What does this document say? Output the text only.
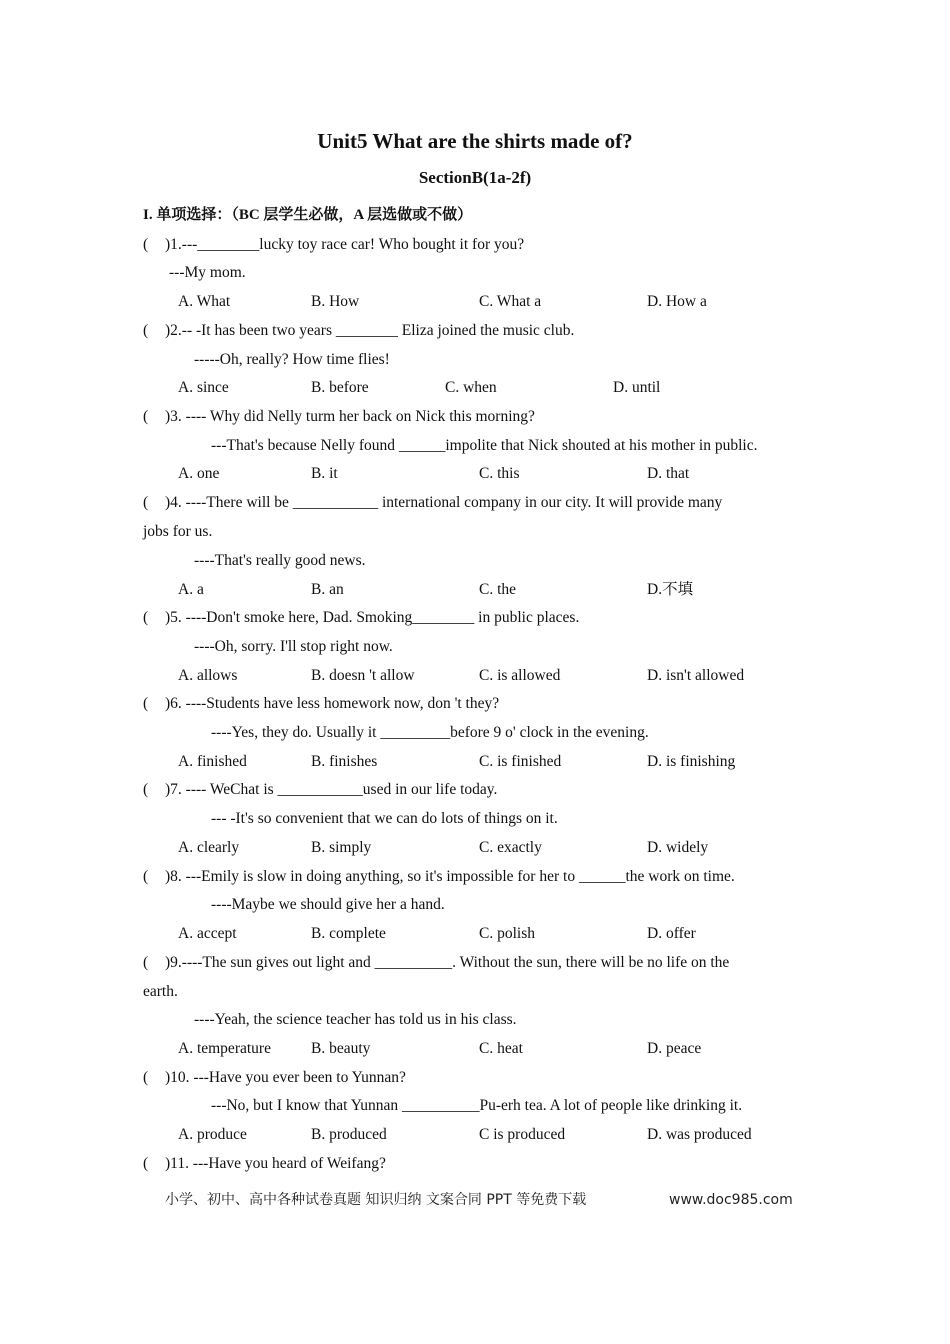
Unit5 What are the shirts made of?
SectionB(1a-2f)
I. 单项选择：（BC 层学生必做，A 层选做或不做）
( )1.---________lucky toy race car! Who bought it for you?
---My mom.
A. What	B. How	C. What a	D. How a
( )2.-- -It has been two years ________ Eliza joined the music club.
-----Oh, really? How time flies!
A. since	B. before	C. when	D. until
( )3. ---- Why did Nelly turm her back on Nick this morning?
---That's because Nelly found ______impolite that Nick shouted at his mother in public.
A. one	B. it	C. this	D. that
( )4. ----There will be ___________ international company in our city. It will provide many
jobs for us.
----That's really good news.
A. a	B. an	C. the	D.不填
( )5. ----Don't smoke here, Dad. Smoking________ in public places.
----Oh, sorry. I'll stop right now.
A. allows	B. doesn 't allow	C. is allowed	D. isn't allowed
( )6. ----Students have less homework now, don 't they?
----Yes, they do. Usually it _________before 9 o' clock in the evening.
A. finished	B. finishes	C. is finished	D. is finishing
( )7. ---- WeChat is ___________used in our life today.
--- -It's so convenient that we can do lots of things on it.
A. clearly	B. simply	C. exactly	D. widely
( )8. ---Emily is slow in doing anything, so it's impossible for her to ______the work on time.
----Maybe we should give her a hand.
A. accept	B. complete	C. polish	D. offer
( )9.----The sun gives out light and __________. Without the sun, there will be no life on the
earth.
----Yeah, the science teacher has told us in his class.
A. temperature	B. beauty	C. heat	D. peace
( )10. ---Have you ever been to Yunnan?
---No, but I know that Yunnan __________Pu-erh tea. A lot of people like drinking it.
A. produce	B. produced	C is produced	D. was produced
( )11. ---Have you heard of Weifang?
小学、初中、高中各种试卷真题 知识归纳 文案合同 PPT 等免费下载	www.doc985.com
